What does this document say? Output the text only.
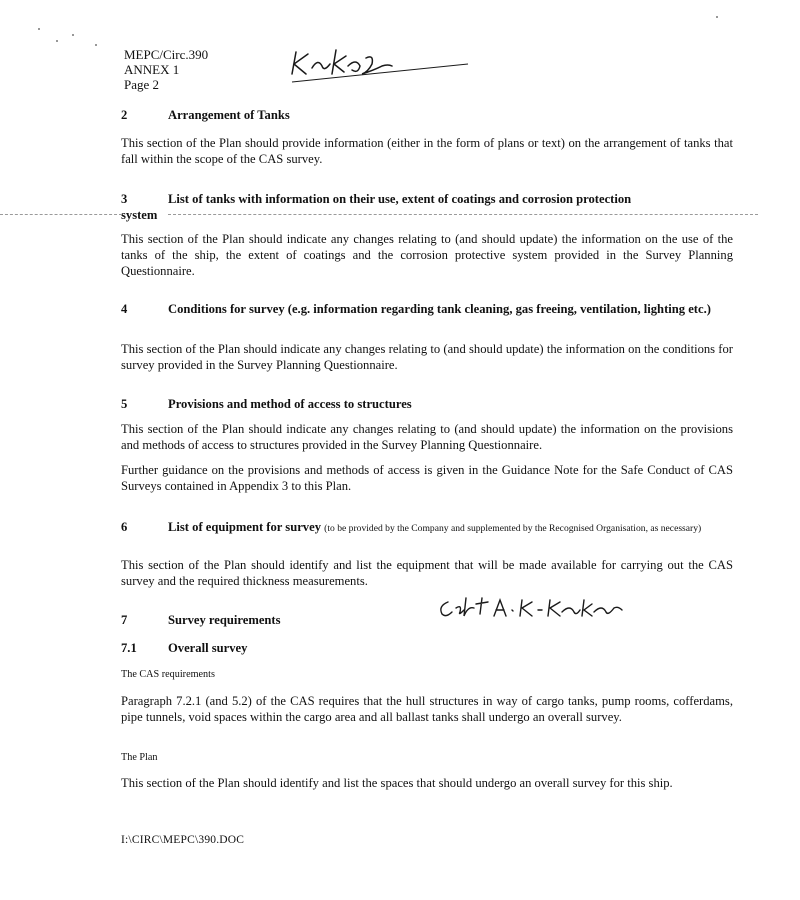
MEPC/Circ.390
ANNEX 1
Page 2
2	Arrangement of Tanks
This section of the Plan should provide information (either in the form of plans or text) on the arrangement of tanks that fall within the scope of the CAS survey.
3	List of tanks with information on their use, extent of coatings and corrosion protection
system
This section of the Plan should indicate any changes relating to (and should update) the information on the use of the tanks of the ship, the extent of coatings and the corrosion protective system provided in the Survey Planning Questionnaire.
4	Conditions for survey (e.g. information regarding tank cleaning, gas freeing, ventilation, lighting etc.)
This section of the Plan should indicate any changes relating to (and should update) the information on the conditions for survey provided in the Survey Planning Questionnaire.
5	Provisions and method of access to structures
This section of the Plan should indicate any changes relating to (and should update) the information on the provisions and methods of access to structures provided in the Survey Planning Questionnaire.
Further guidance on the provisions and methods of access is given in the Guidance Note for the Safe Conduct of CAS Surveys contained in Appendix 3 to this Plan.
6	List of equipment for survey (to be provided by the Company and supplemented by the Recognised Organisation, as necessary)
This section of the Plan should identify and list the equipment that will be made available for carrying out the CAS survey and the required thickness measurements.
7	Survey requirements
7.1 Overall survey
The CAS requirements
Paragraph 7.2.1 (and 5.2) of the CAS requires that the hull structures in way of cargo tanks, pump rooms, cofferdams, pipe tunnels, void spaces within the cargo area and all ballast tanks shall undergo an overall survey.
The Plan
This section of the Plan should identify and list the spaces that should undergo an overall survey for this ship.
I:\CIRC\MEPC\390.DOC
